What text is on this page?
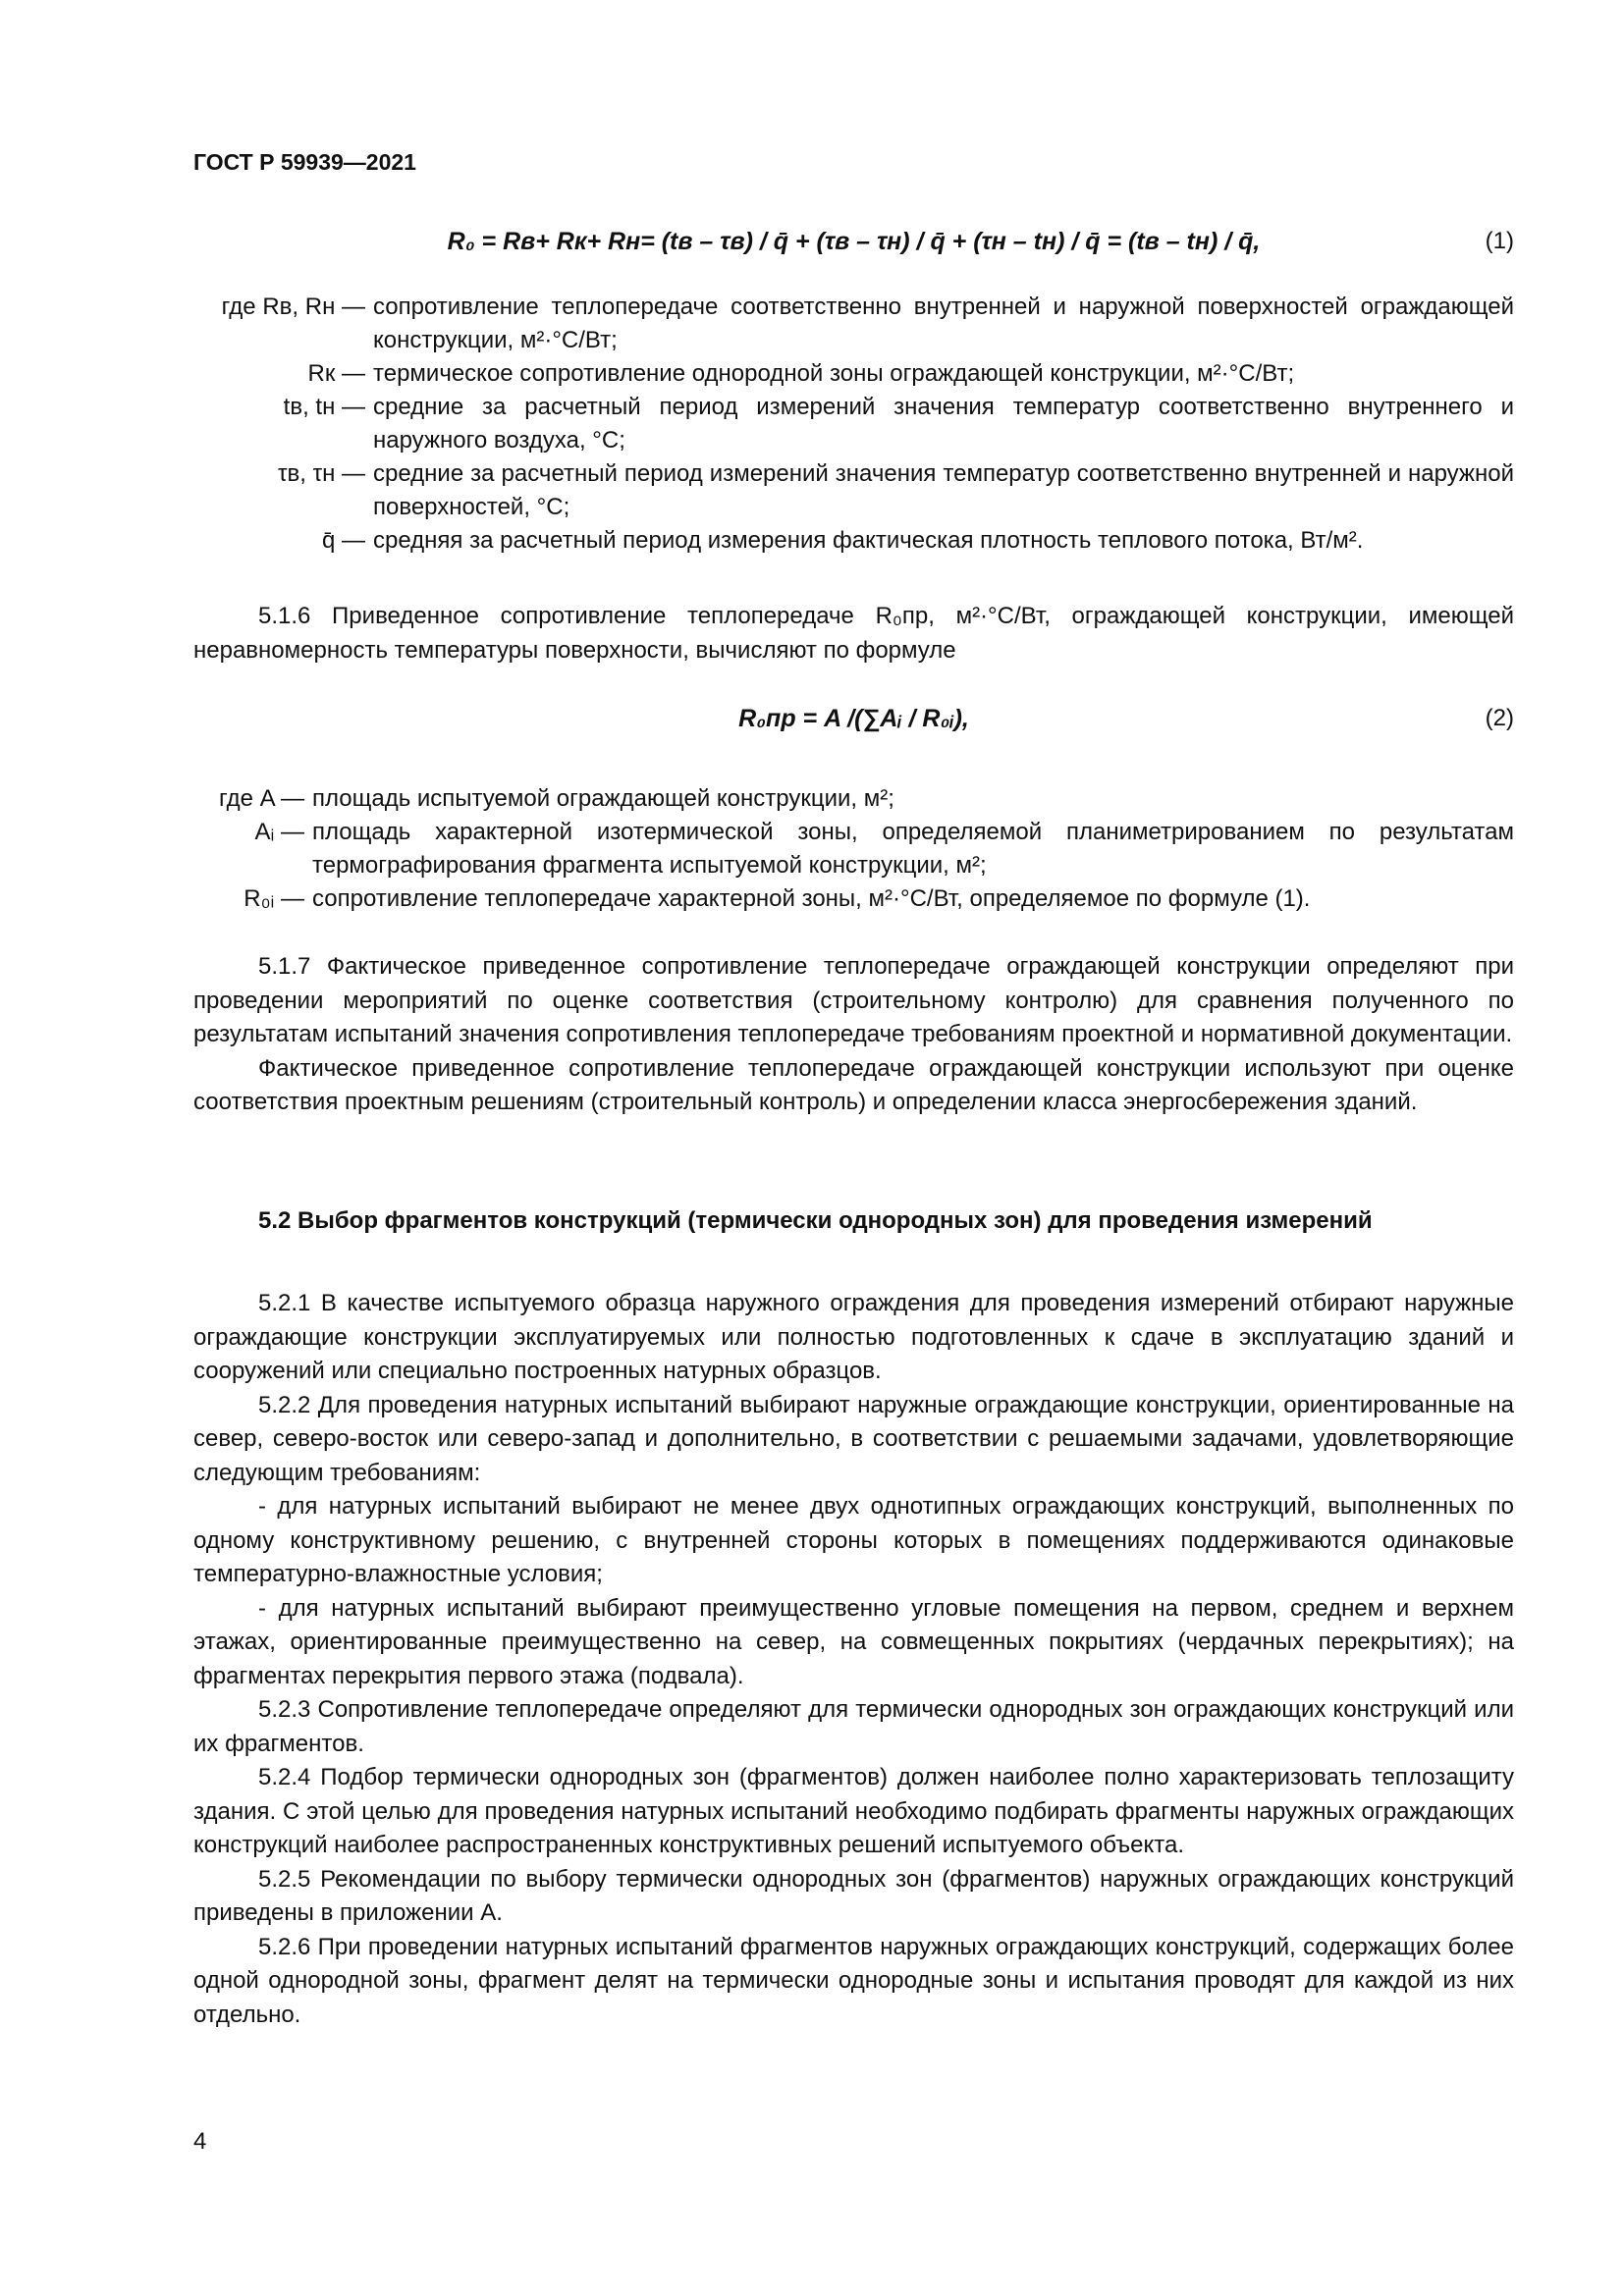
ГОСТ Р 59939—2021
R₀ = Rв+ Rк+ Rн= (tв – τв) / q̄ + (τв – τн) / q̄ + (τн – tн) / q̄ = (tв – tн) / q̄,	(1)
где Rв, Rн — сопротивление теплопередаче соответственно внутренней и наружной поверхностей ограждающей конструкции, м²·°С/Вт;
Rк — термическое сопротивление однородной зоны ограждающей конструкции, м²·°С/Вт;
tв, tн — средние за расчетный период измерений значения температур соответственно внутреннего и наружного воздуха, °С;
τв, τн — средние за расчетный период измерений значения температур соответственно внутренней и наружной поверхностей, °С;
q̄ — средняя за расчетный период измерения фактическая плотность теплового потока, Вт/м².

5.1.6 Приведенное сопротивление теплопередаче R₀пр, м²·°С/Вт, ограждающей конструкции, имеющей неравномерность температуры поверхности, вычисляют по формуле

R₀пр = A /(∑Aᵢ / R₀ᵢ),	(2)
где A — площадь испытуемой ограждающей конструкции, м²;
Aᵢ — площадь характерной изотермической зоны, определяемой планиметрированием по результатам термографирования фрагмента испытуемой конструкции, м²;
R₀ᵢ — сопротивление теплопередаче характерной зоны, м²·°С/Вт, определяемое по формуле (1).

5.1.7 Фактическое приведенное сопротивление теплопередаче ограждающей конструкции определяют при проведении мероприятий по оценке соответствия (строительному контролю) для сравнения полученного по результатам испытаний значения сопротивления теплопередаче требованиям проектной и нормативной документации.

Фактическое приведенное сопротивление теплопередаче ограждающей конструкции используют при оценке соответствия проектным решениям (строительный контроль) и определении класса энергосбережения зданий.

5.2 Выбор фрагментов конструкций (термически однородных зон) для проведения измерений

5.2.1 В качестве испытуемого образца наружного ограждения для проведения измерений отбирают наружные ограждающие конструкции эксплуатируемых или полностью подготовленных к сдаче в эксплуатацию зданий и сооружений или специально построенных натурных образцов.

5.2.2 Для проведения натурных испытаний выбирают наружные ограждающие конструкции, ориентированные на север, северо-восток или северо-запад и дополнительно, в соответствии с решаемыми задачами, удовлетворяющие следующим требованиям:

- для натурных испытаний выбирают не менее двух однотипных ограждающих конструкций, выполненных по одному конструктивному решению, с внутренней стороны которых в помещениях поддерживаются одинаковые температурно-влажностные условия;

- для натурных испытаний выбирают преимущественно угловые помещения на первом, среднем и верхнем этажах, ориентированные преимущественно на север, на совмещенных покрытиях (чердачных перекрытиях); на фрагментах перекрытия первого этажа (подвала).

5.2.3 Сопротивление теплопередаче определяют для термически однородных зон ограждающих конструкций или их фрагментов.

5.2.4 Подбор термически однородных зон (фрагментов) должен наиболее полно характеризовать теплозащиту здания. С этой целью для проведения натурных испытаний необходимо подбирать фрагменты наружных ограждающих конструкций наиболее распространенных конструктивных решений испытуемого объекта.

5.2.5 Рекомендации по выбору термически однородных зон (фрагментов) наружных ограждающих конструкций приведены в приложении А.

5.2.6 При проведении натурных испытаний фрагментов наружных ограждающих конструкций, содержащих более одной однородной зоны, фрагмент делят на термически однородные зоны и испытания проводят для каждой из них отдельно.

4
